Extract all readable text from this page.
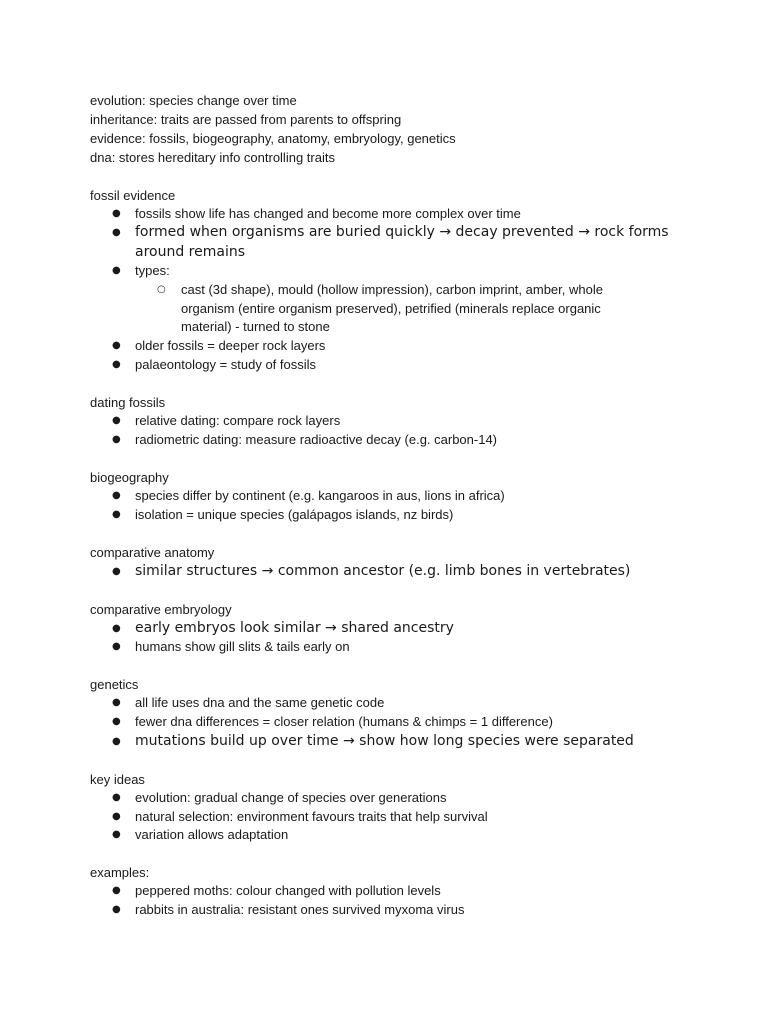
evolution: species change over time
inheritance: traits are passed from parents to offspring
evidence: fossils, biogeography, anatomy, embryology, genetics
dna: stores hereditary info controlling traits
fossil evidence
● fossils show life has changed and become more complex over time
● formed when organisms are buried quickly → decay prevented → rock forms around remains
● types:
○ cast (3d shape), mould (hollow impression), carbon imprint, amber, whole organism (entire organism preserved), petrified (minerals replace organic material) - turned to stone
● older fossils = deeper rock layers
● palaeontology = study of fossils
dating fossils
● relative dating: compare rock layers
● radiometric dating: measure radioactive decay (e.g. carbon-14)
biogeography
● species differ by continent (e.g. kangaroos in aus, lions in africa)
● isolation = unique species (galápagos islands, nz birds)
comparative anatomy
● similar structures → common ancestor (e.g. limb bones in vertebrates)
comparative embryology
● early embryos look similar → shared ancestry
● humans show gill slits & tails early on
genetics
● all life uses dna and the same genetic code
● fewer dna differences = closer relation (humans & chimps = 1 difference)
● mutations build up over time → show how long species were separated
key ideas
● evolution: gradual change of species over generations
● natural selection: environment favours traits that help survival
● variation allows adaptation
examples:
● peppered moths: colour changed with pollution levels
● rabbits in australia: resistant ones survived myxoma virus
